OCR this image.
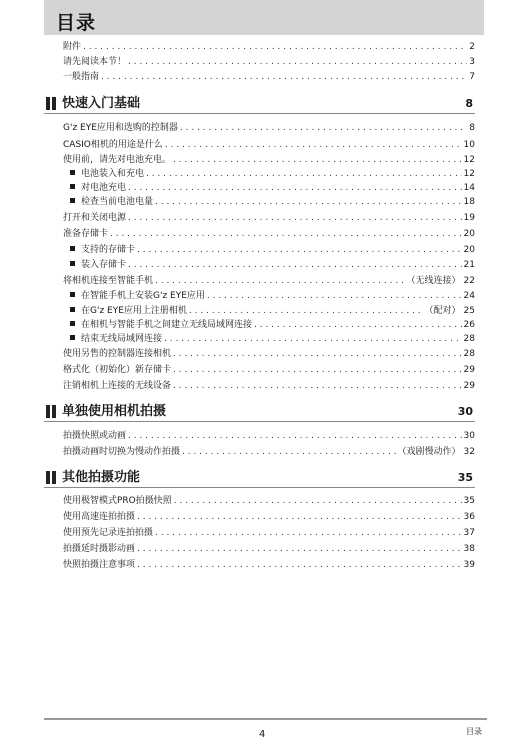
目录
附件 . . .	2
请先阅读本节！ . . .	3
一般指南 . . .	7
快速入门基础	8
G'z EYE应用和选购的控制器 . . .	8
CASIO相机的用途是什么 . . .	10
使用前，请先对电池充电。 . . .	12
电池装入和充电 . . .	12
对电池充电 . . .	14
检查当前电池电量 . . .	18
打开和关闭电源 . . .	19
准备存储卡 . . .	20
支持的存储卡 . . .	20
装入存储卡 . . .	21
将相机连接至智能手机 . . .	（无线连接） 22
在智能手机上安装G'z EYE应用 . . .	24
在G'z EYE应用上注册相机 . . .	（配对） 25
在相机与智能手机之间建立无线局域网连接 . . .	26
结束无线局域网连接 . . .	28
使用另售的控制器连接相机 . . .	28
格式化（初始化）新存储卡 . . .	29
注销相机上连接的无线设备 . . .	29
单独使用相机拍摄	30
拍摄快照或动画 . . .	30
拍摄动画时切换为慢动作拍摄 . . .	（戏剧慢动作） 32
其他拍摄功能	35
使用极智模式PRO拍摄快照 . . .	35
使用高速连拍拍摄 . . .	36
使用预先记录连拍拍摄 . . .	37
拍摄延时摄影动画 . . .	38
快照拍摄注意事项 . . .	39
4	目录
